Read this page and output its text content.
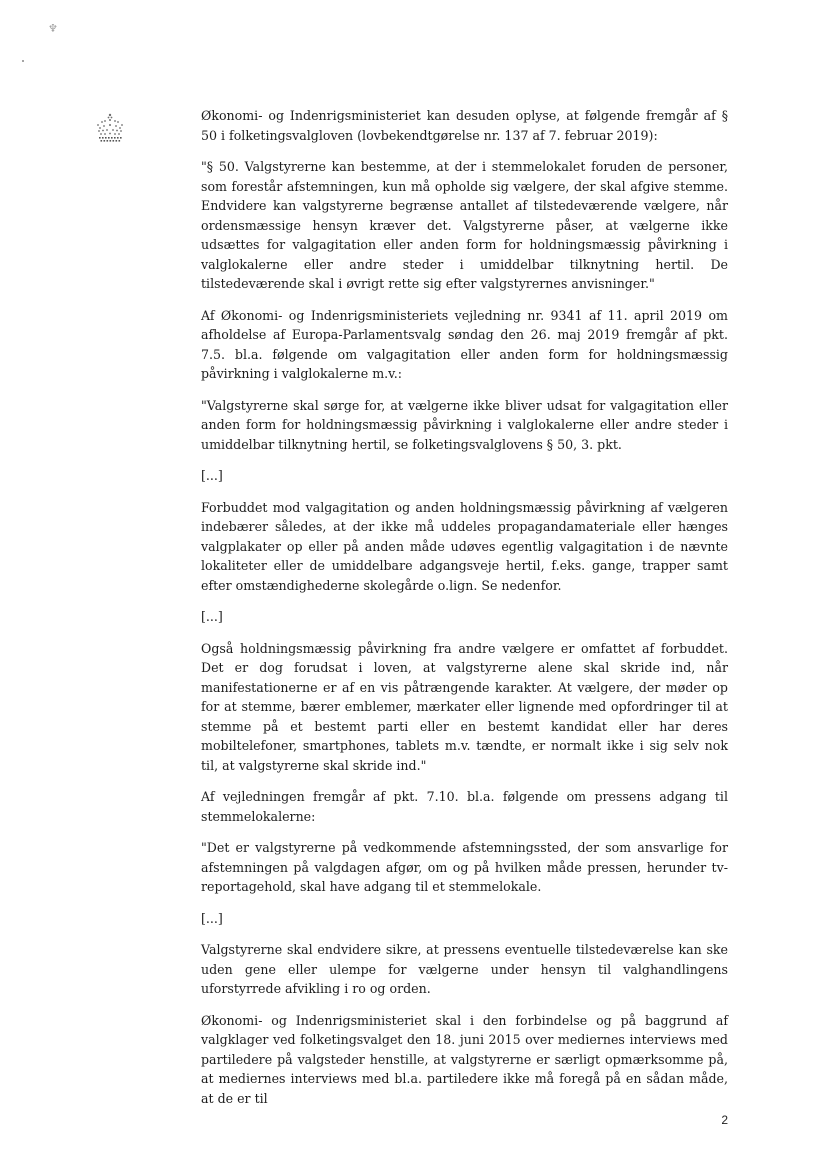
♆

Økonomi- og Indenrigsministeriet kan desuden oplyse, at følgende fremgår af § 50 i folketingsvalgloven (lovbekendtgørelse nr. 137 af 7. februar 2019):

"§ 50. Valgstyrerne kan bestemme, at der i stemmelokalet foruden de personer, som forestår afstemningen, kun må opholde sig vælgere, der skal afgive stemme. Endvidere kan valgstyrerne begrænse antallet af tilstedeværende vælgere, når ordensmæssige hensyn kræver det. Valgstyrerne påser, at vælgerne ikke udsættes for valgagitation eller anden form for holdningsmæssig påvirkning i valglokalerne eller andre steder i umiddelbar tilknytning hertil. De tilstedeværende skal i øvrigt rette sig efter valgstyrernes anvisninger."

Af Økonomi- og Indenrigsministeriets vejledning nr. 9341 af 11. april 2019 om afholdelse af Europa-Parlamentsvalg søndag den 26. maj 2019 fremgår af pkt. 7.5. bl.a. følgende om valgagitation eller anden form for holdningsmæssig påvirkning i valglokalerne m.v.:

"Valgstyrerne skal sørge for, at vælgerne ikke bliver udsat for valgagitation eller anden form for holdningsmæssig påvirkning i valglokalerne eller andre steder i umiddelbar tilknytning hertil, se folketingsvalglovens § 50, 3. pkt.

[...]

Forbuddet mod valgagitation og anden holdningsmæssig påvirkning af vælgeren indebærer således, at der ikke må uddeles propagandamateriale eller hænges valgplakater op eller på anden måde udøves egentlig valgagitation i de nævnte lokaliteter eller de umiddelbare adgangsveje hertil, f.eks. gange, trapper samt efter omstændighederne skolegårde o.lign. Se nedenfor.

[...]

Også holdningsmæssig påvirkning fra andre vælgere er omfattet af forbuddet. Det er dog forudsat i loven, at valgstyrerne alene skal skride ind, når manifestationerne er af en vis påtrængende karakter. At vælgere, der møder op for at stemme, bærer emblemer, mærkater eller lignende med opfordringer til at stemme på et bestemt parti eller en bestemt kandidat eller har deres mobiltelefoner, smartphones, tablets m.v. tændte, er normalt ikke i sig selv nok til, at valgstyrerne skal skride ind."

Af vejledningen fremgår af pkt. 7.10. bl.a. følgende om pressens adgang til stemmelokalerne:

"Det er valgstyrerne på vedkommende afstemningssted, der som ansvarlige for afstemningen på valgdagen afgør, om og på hvilken måde pressen, herunder tv-reportagehold, skal have adgang til et stemmelokale.

[...]

Valgstyrerne skal endvidere sikre, at pressens eventuelle tilstedeværelse kan ske uden gene eller ulempe for vælgerne under hensyn til valghandlingens uforstyrrede afvikling i ro og orden.

Økonomi- og Indenrigsministeriet skal i den forbindelse og på baggrund af valgklager ved folketingsvalget den 18. juni 2015 over mediernes interviews med partiledere på valgsteder henstille, at valgstyrerne er særligt opmærksomme på, at mediernes interviews med bl.a. partiledere ikke må foregå på en sådan måde, at de er til

2
